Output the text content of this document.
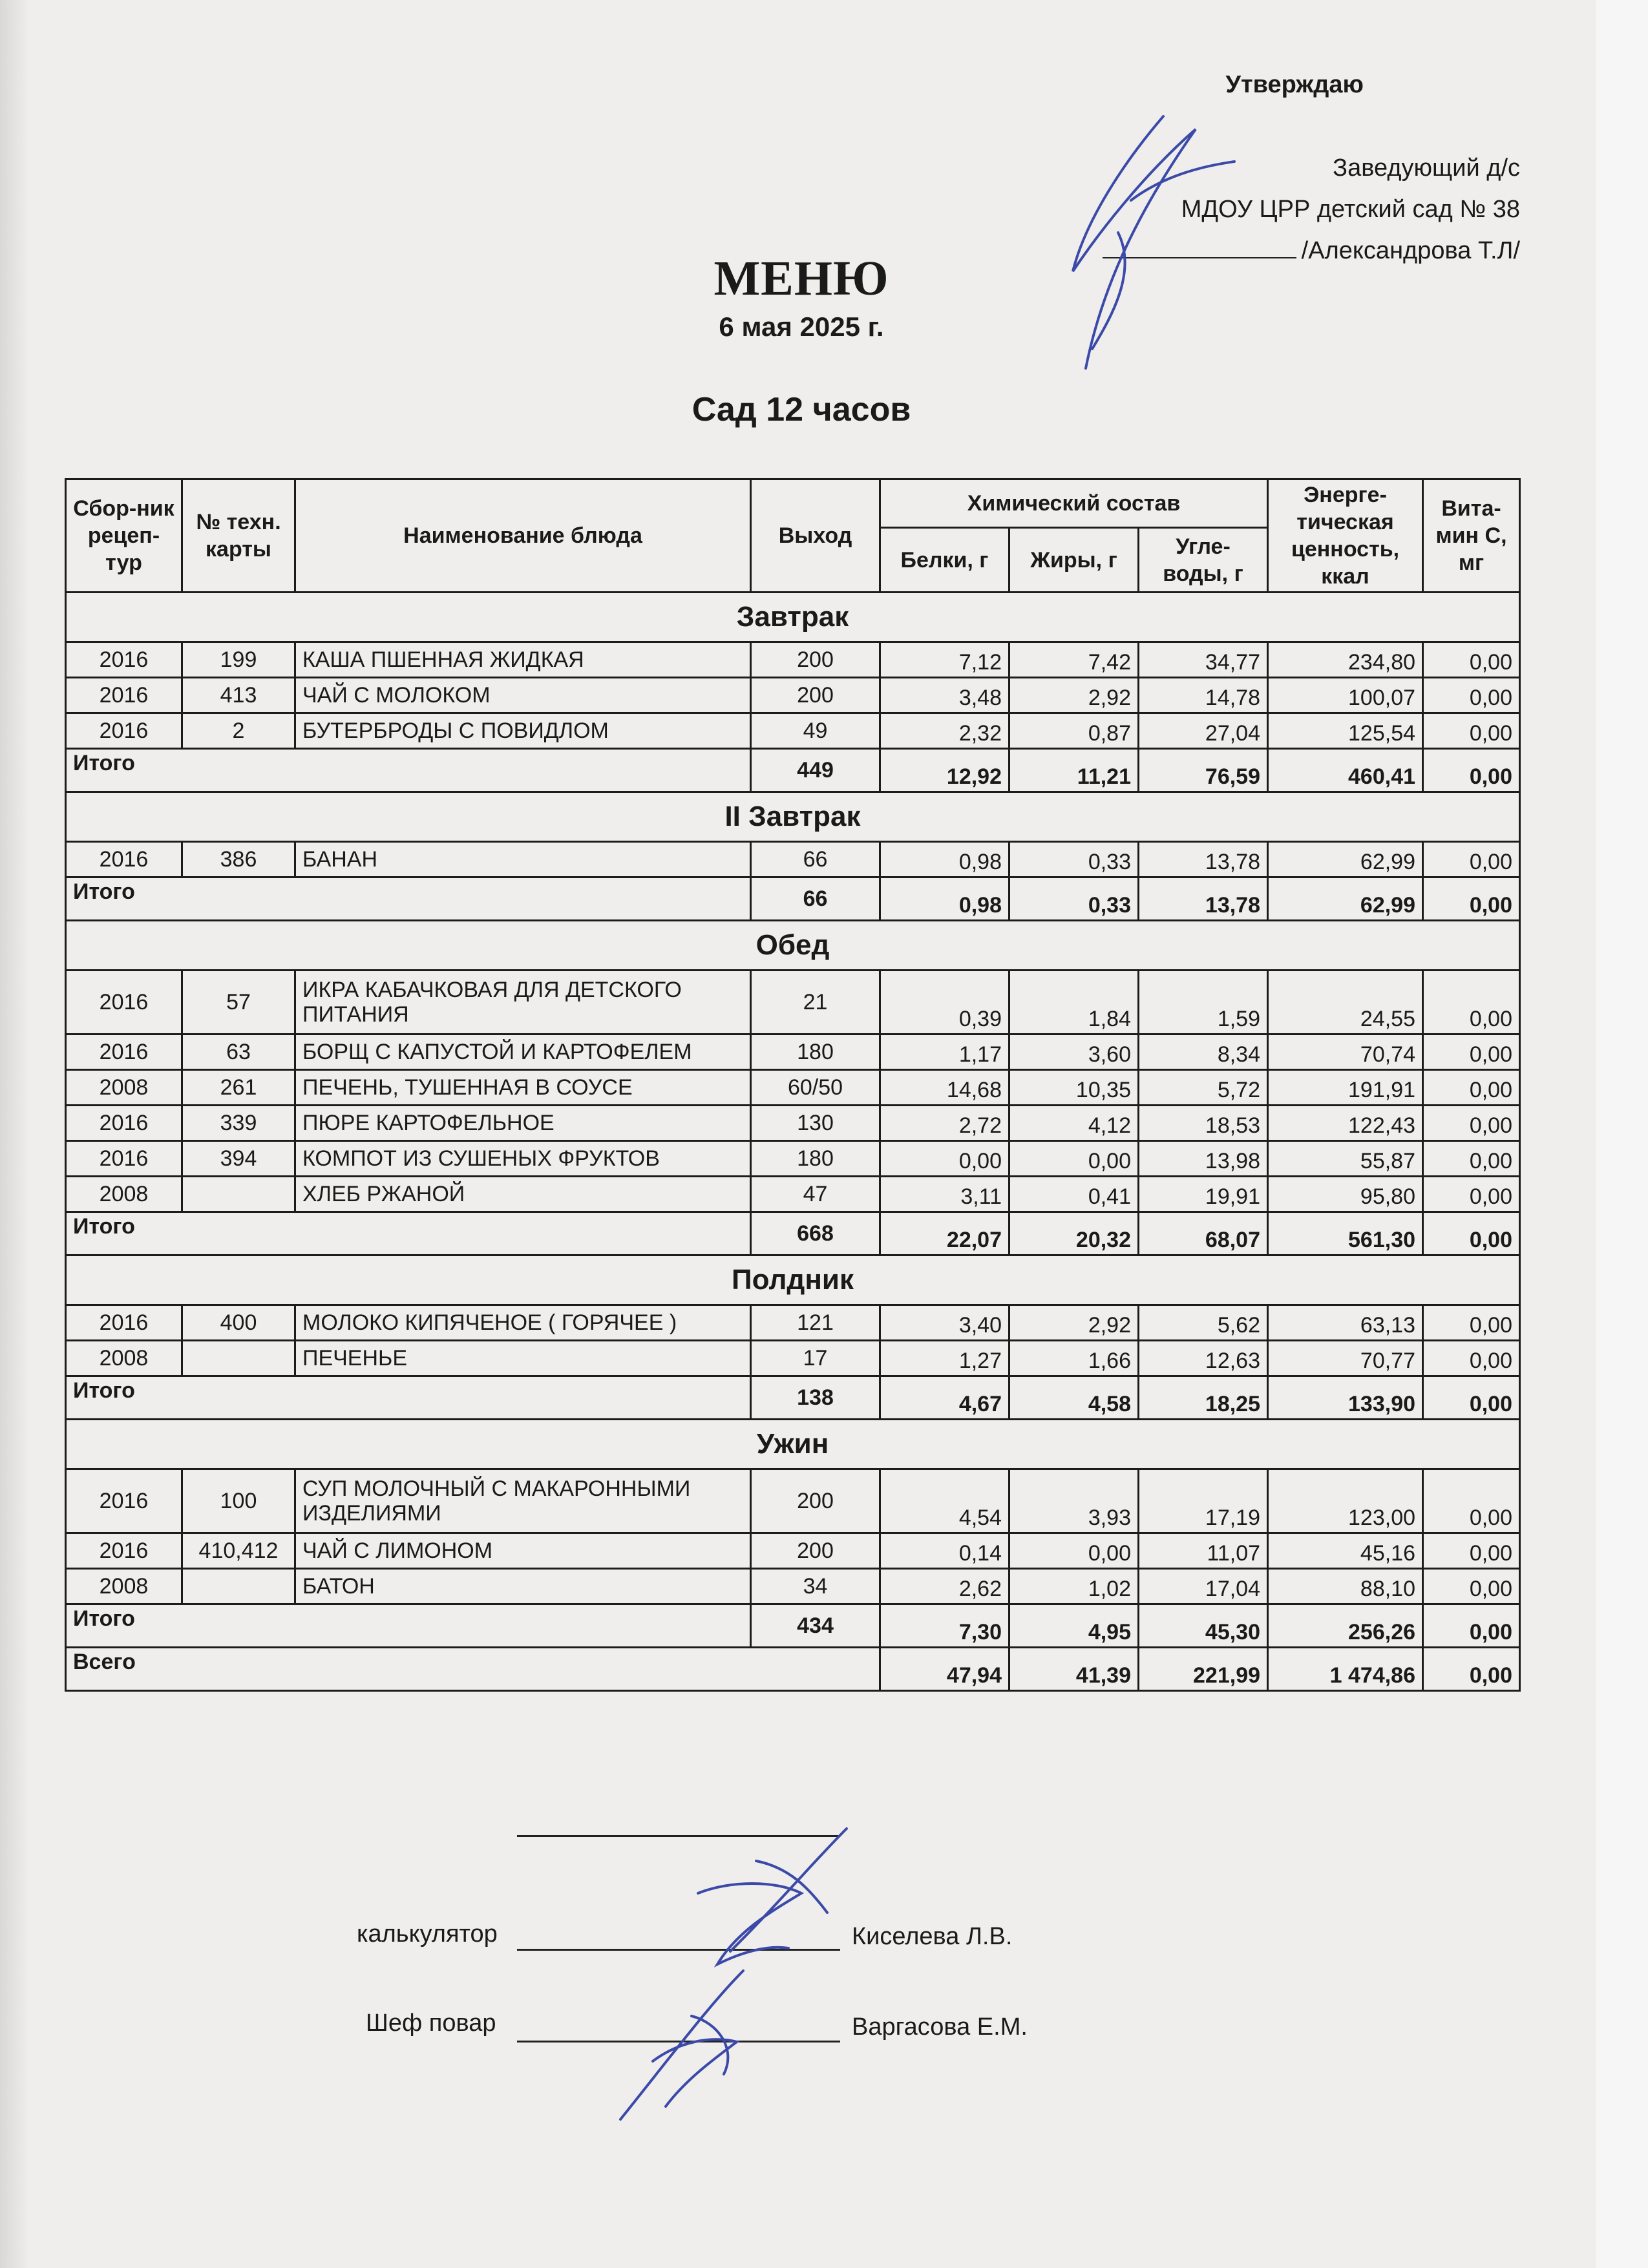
Утверждаю
Заведующий д/с
МДОУ ЦРР детский сад № 38
/Александрова Т.Л/
МЕНЮ
6 мая 2025 г.
Сад 12 часов
Сбор-ник рецеп-тур	№ техн. карты	Наименование блюда	Выход	Химический состав			Энерге-тическая ценность, ккал	Вита-мин С, мг
				Белки, г	Жиры, г	Угле-воды, г		
Завтрак								
2016	199	КАША ПШЕННАЯ ЖИДКАЯ	200	7,12	7,42	34,77	234,80	0,00
2016	413	ЧАЙ С МОЛОКОМ	200	3,48	2,92	14,78	100,07	0,00
2016	2	БУТЕРБРОДЫ С ПОВИДЛОМ	49	2,32	0,87	27,04	125,54	0,00
Итого			449	12,92	11,21	76,59	460,41	0,00
II Завтрак								
2016	386	БАНАН	66	0,98	0,33	13,78	62,99	0,00
Итого			66	0,98	0,33	13,78	62,99	0,00
Обед								
2016	57	ИКРА КАБАЧКОВАЯ ДЛЯ ДЕТСКОГО ПИТАНИЯ	21	0,39	1,84	1,59	24,55	0,00
2016	63	БОРЩ С КАПУСТОЙ И КАРТОФЕЛЕМ	180	1,17	3,60	8,34	70,74	0,00
2008	261	ПЕЧЕНЬ, ТУШЕННАЯ В СОУСЕ	60/50	14,68	10,35	5,72	191,91	0,00
2016	339	ПЮРЕ КАРТОФЕЛЬНОЕ	130	2,72	4,12	18,53	122,43	0,00
2016	394	КОМПОТ ИЗ СУШЕНЫХ ФРУКТОВ	180	0,00	0,00	13,98	55,87	0,00
2008		ХЛЕБ РЖАНОЙ	47	3,11	0,41	19,91	95,80	0,00
Итого			668	22,07	20,32	68,07	561,30	0,00
Полдник								
2016	400	МОЛОКО КИПЯЧЕНОЕ ( ГОРЯЧЕЕ )	121	3,40	2,92	5,62	63,13	0,00
2008		ПЕЧЕНЬЕ	17	1,27	1,66	12,63	70,77	0,00
Итого			138	4,67	4,58	18,25	133,90	0,00
Ужин								
2016	100	СУП МОЛОЧНЫЙ С МАКАРОННЫМИ ИЗДЕЛИЯМИ	200	4,54	3,93	17,19	123,00	0,00
2016	410,412	ЧАЙ С ЛИМОНОМ	200	0,14	0,00	11,07	45,16	0,00
2008		БАТОН	34	2,62	1,02	17,04	88,10	0,00
Итого			434	7,30	4,95	45,30	256,26	0,00
Всего				47,94	41,39	221,99	1 474,86	0,00
калькулятор	Киселева Л.В.
Шеф повар	Варгасова Е.М.
